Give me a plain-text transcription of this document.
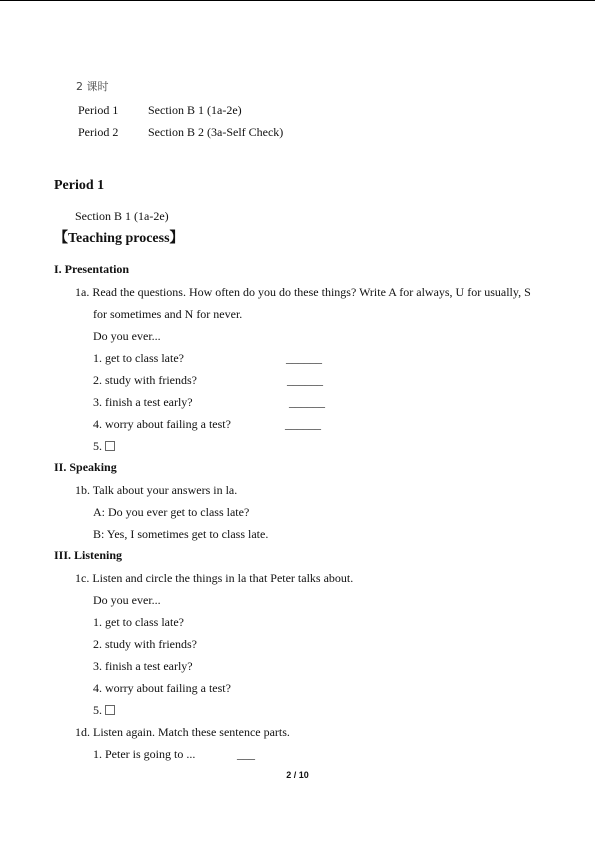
2 课时
Period 1 Section B 1 (1a-2e)
Period 2 Section B 2 (3a-Self Check)
Period 1
Section B 1 (1a-2e)
【Teaching process】
I. Presentation
1a. Read the questions. How often do you do these things? Write A for always, U for usually, S
for sometimes and N for never.
Do you ever...
1. get to class late?	______
2. study with friends?	______
3. finish a test early?	______
4. worry about failing a test?	______
5.
II. Speaking
1b. Talk about your answers in la.
A: Do you ever get to class late?
B: Yes, I sometimes get to class late.
III. Listening
1c. Listen and circle the things in la that Peter talks about.
Do you ever...
1. get to class late?
2. study with friends?
3. finish a test early?
4. worry about failing a test?
5.
1d. Listen again. Match these sentence parts.
1. Peter is going to ...	___
2 / 10
